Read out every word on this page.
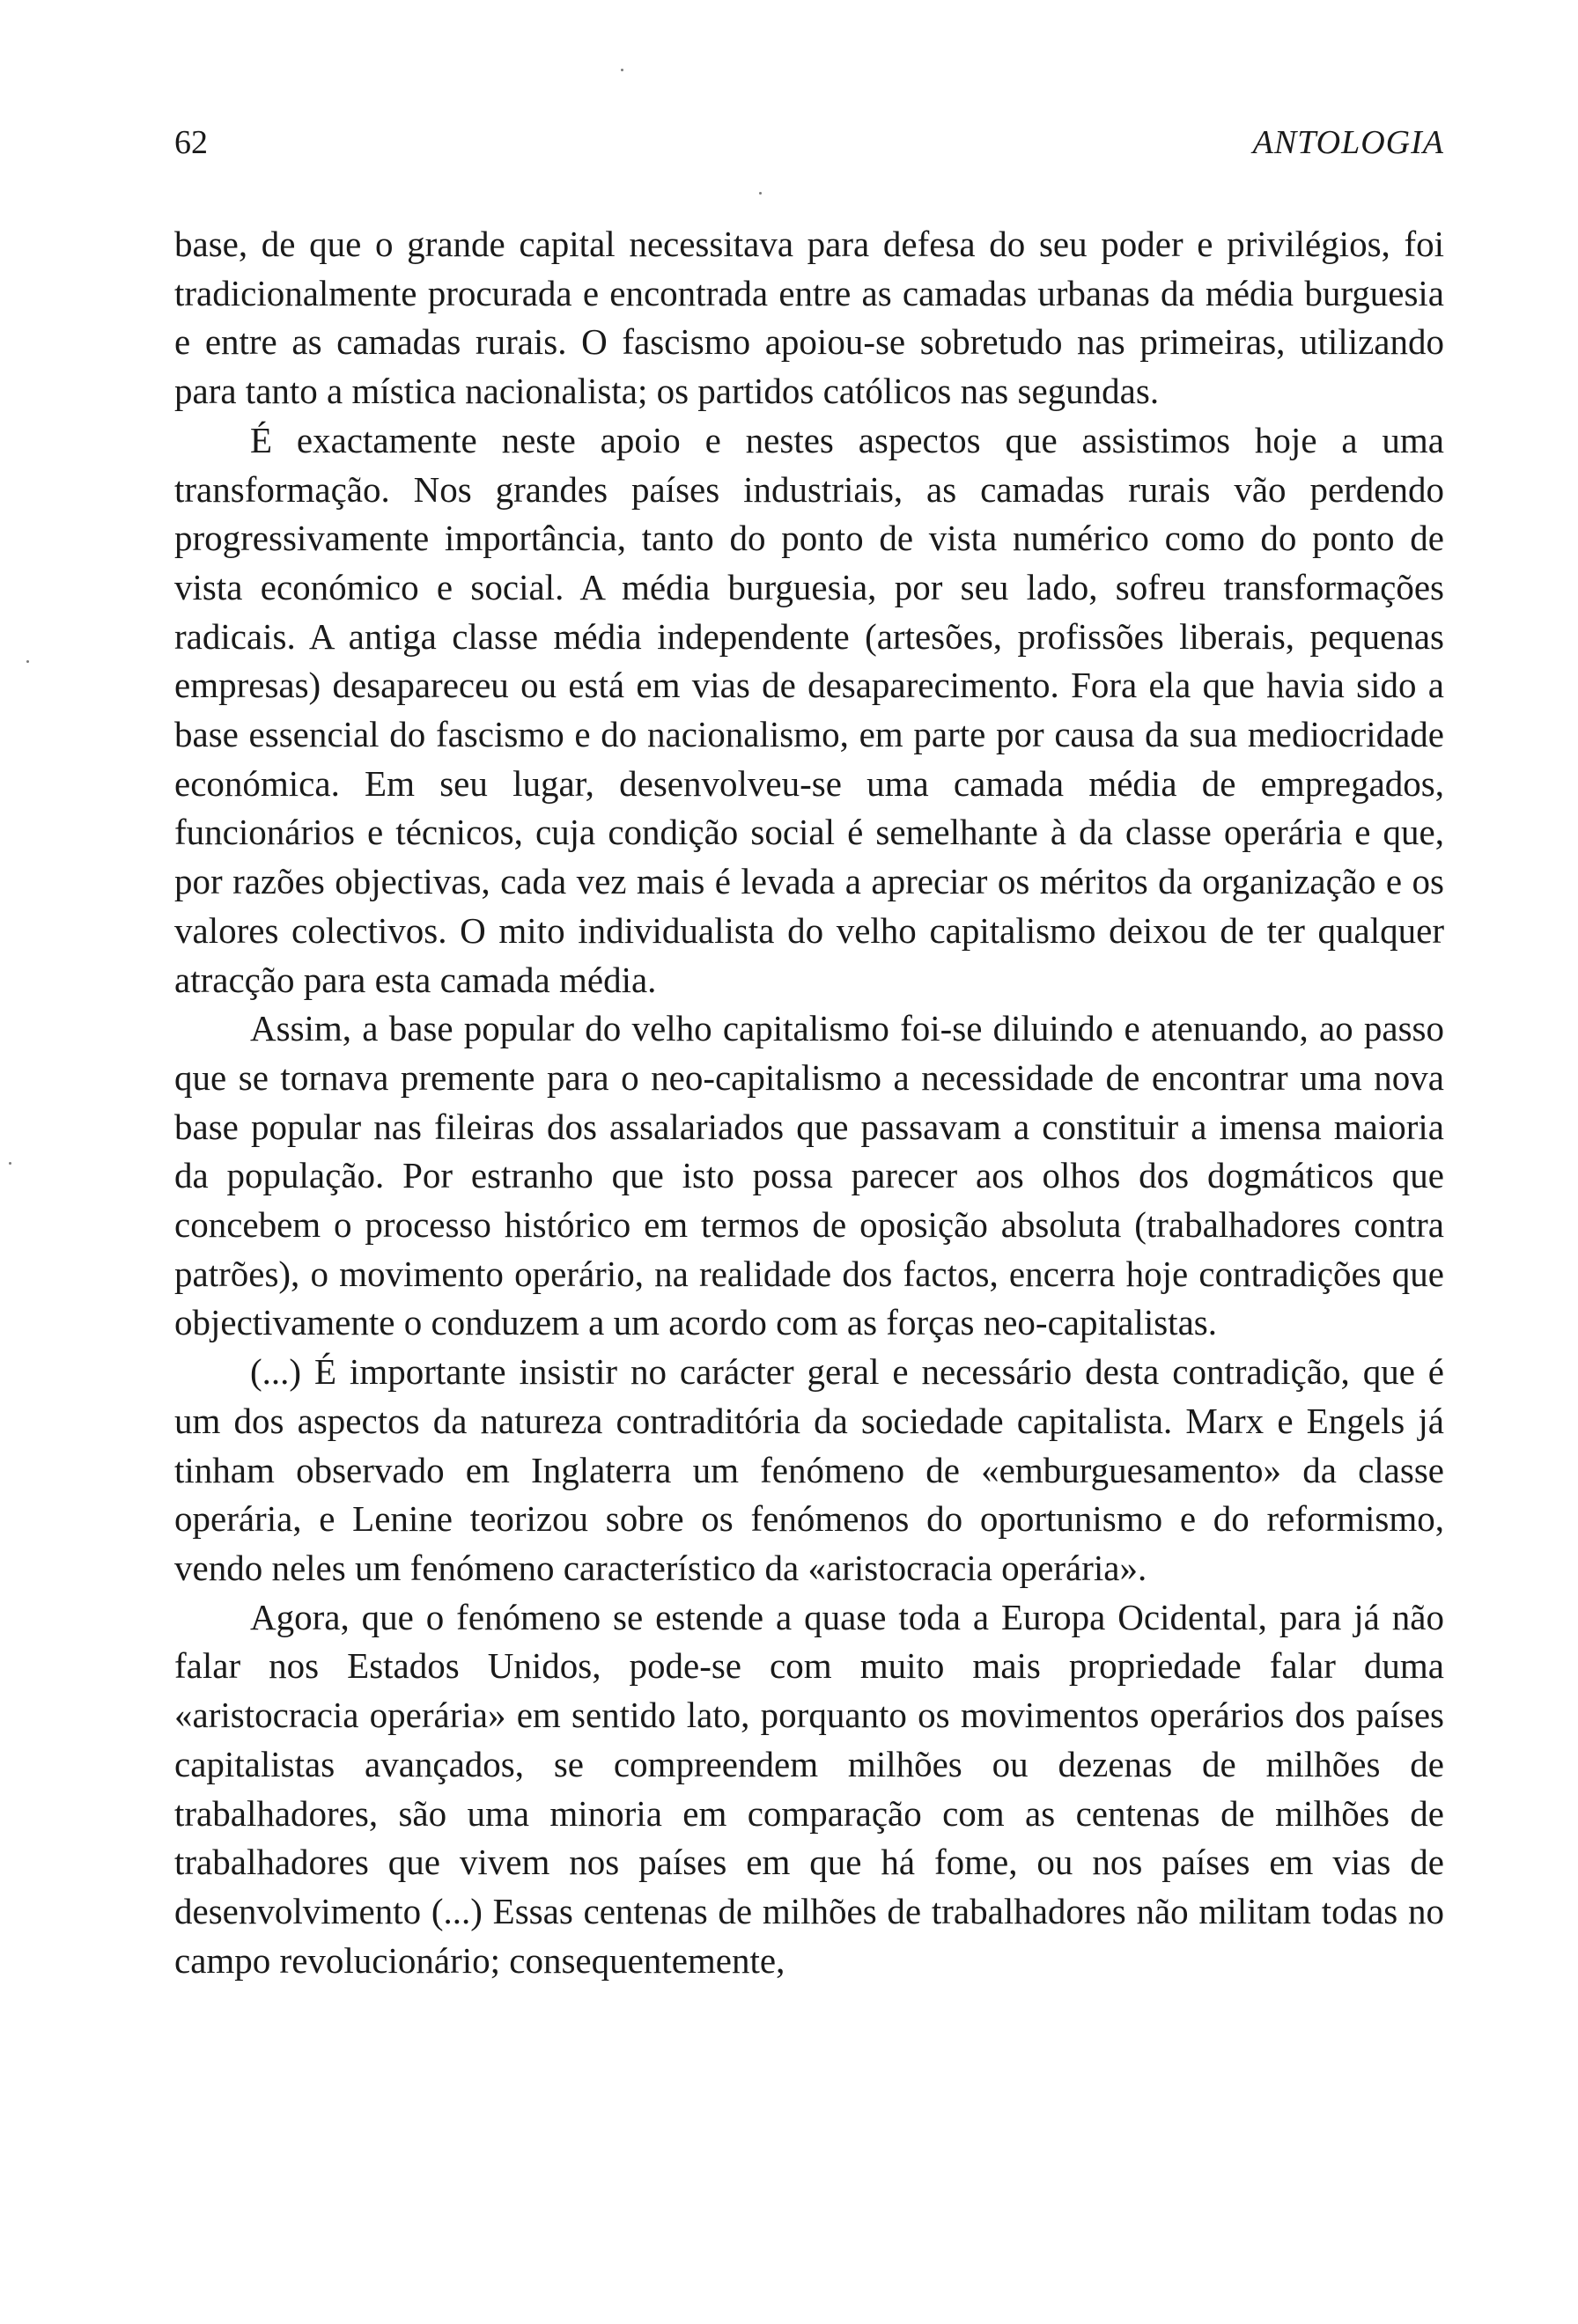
62	ANTOLOGIA

base, de que o grande capital necessitava para defesa do seu poder e privilégios, foi tradicionalmente procurada e encontrada entre as camadas urbanas da média burguesia e entre as camadas rurais. O fascismo apoiou-se sobretudo nas primeiras, utilizando para tanto a mística nacionalista; os partidos católicos nas segundas.

É exactamente neste apoio e nestes aspectos que assistimos hoje a uma transformação. Nos grandes países industriais, as camadas rurais vão perdendo progressivamente importância, tanto do ponto de vista numérico como do ponto de vista económico e social. A média burguesia, por seu lado, sofreu transformações radicais. A antiga classe média independente (artesões, profissões liberais, pequenas empresas) desapareceu ou está em vias de desaparecimento. Fora ela que havia sido a base essencial do fascismo e do nacionalismo, em parte por causa da sua mediocridade económica. Em seu lugar, desenvolveu-se uma camada média de empregados, funcionários e técnicos, cuja condição social é semelhante à da classe operária e que, por razões objectivas, cada vez mais é levada a apreciar os méritos da organização e os valores colectivos. O mito individualista do velho capitalismo deixou de ter qualquer atracção para esta camada média.

Assim, a base popular do velho capitalismo foi-se diluindo e atenuando, ao passo que se tornava premente para o neo-capitalismo a necessidade de encontrar uma nova base popular nas fileiras dos assalariados que passavam a constituir a imensa maioria da população. Por estranho que isto possa parecer aos olhos dos dogmáticos que concebem o processo histórico em termos de oposição absoluta (trabalhadores contra patrões), o movimento operário, na realidade dos factos, encerra hoje contradições que objectivamente o conduzem a um acordo com as forças neo-capitalistas.

(...) É importante insistir no carácter geral e necessário desta contradição, que é um dos aspectos da natureza contraditória da sociedade capitalista. Marx e Engels já tinham observado em Inglaterra um fenómeno de «emburguesamento» da classe operária, e Lenine teorizou sobre os fenómenos do oportunismo e do reformismo, vendo neles um fenómeno característico da «aristocracia operária».

Agora, que o fenómeno se estende a quase toda a Europa Ocidental, para já não falar nos Estados Unidos, pode-se com muito mais propriedade falar duma «aristocracia operária» em sentido lato, porquanto os movimentos operários dos países capitalistas avançados, se compreendem milhões ou dezenas de milhões de trabalhadores, são uma minoria em comparação com as centenas de milhões de trabalhadores que vivem nos países em que há fome, ou nos países em vias de desenvolvimento (...) Essas centenas de milhões de trabalhadores não militam todas no campo revolucionário; consequentemente,
